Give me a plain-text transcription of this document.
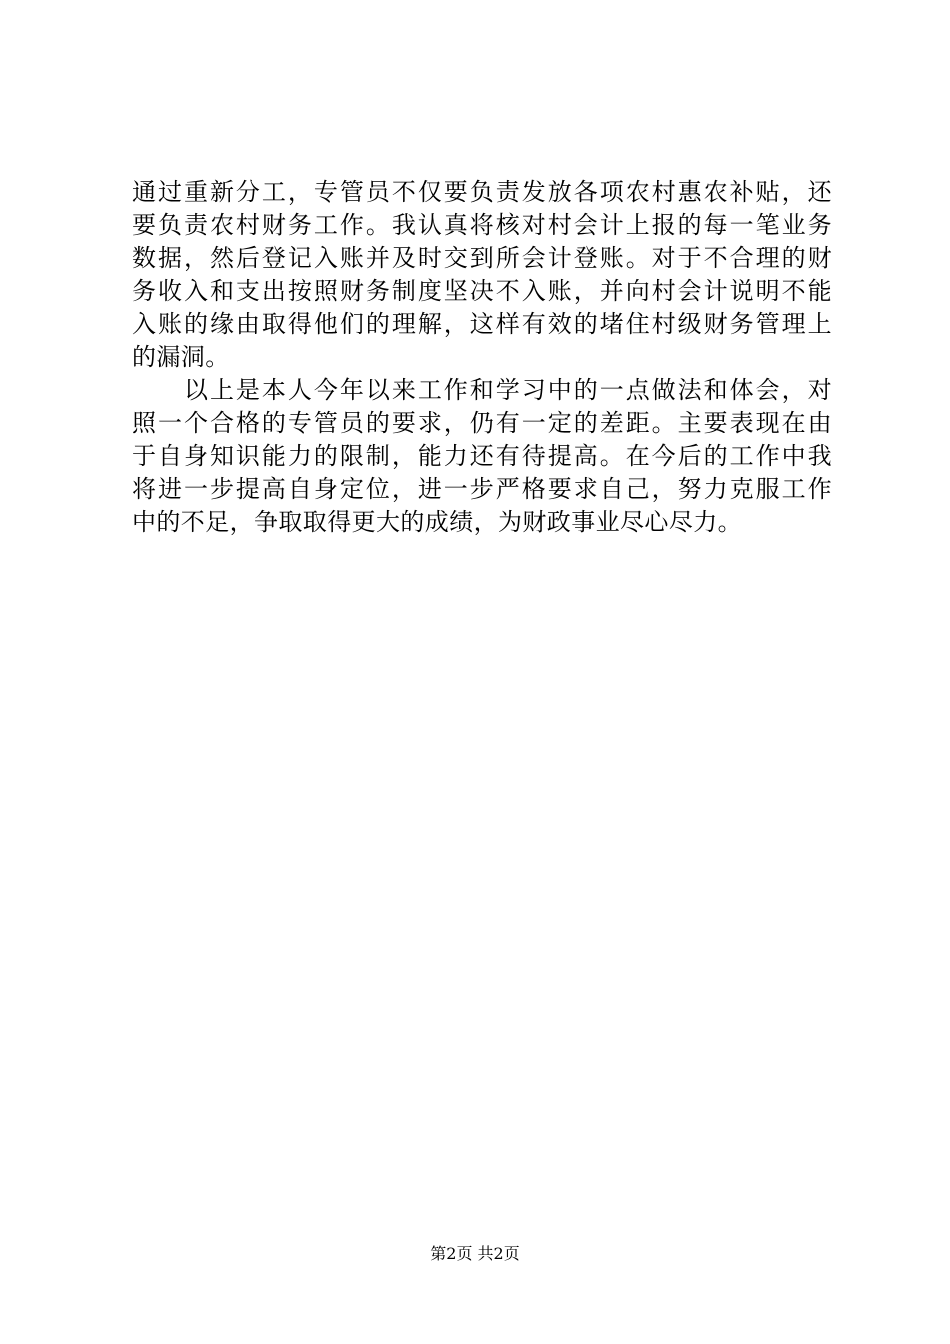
通过重新分工，专管员不仅要负责发放各项农村惠农补贴，还
要负责农村财务工作。我认真将核对村会计上报的每一笔业务
数据，然后登记入账并及时交到所会计登账。对于不合理的财
务收入和支出按照财务制度坚决不入账，并向村会计说明不能
入账的缘由取得他们的理解，这样有效的堵住村级财务管理上
的漏洞。
　　以上是本人今年以来工作和学习中的一点做法和体会，对
照一个合格的专管员的要求，仍有一定的差距。主要表现在由
于自身知识能力的限制，能力还有待提高。在今后的工作中我
将进一步提高自身定位，进一步严格要求自己，努力克服工作
中的不足，争取取得更大的成绩，为财政事业尽心尽力。
第2页 共2页
